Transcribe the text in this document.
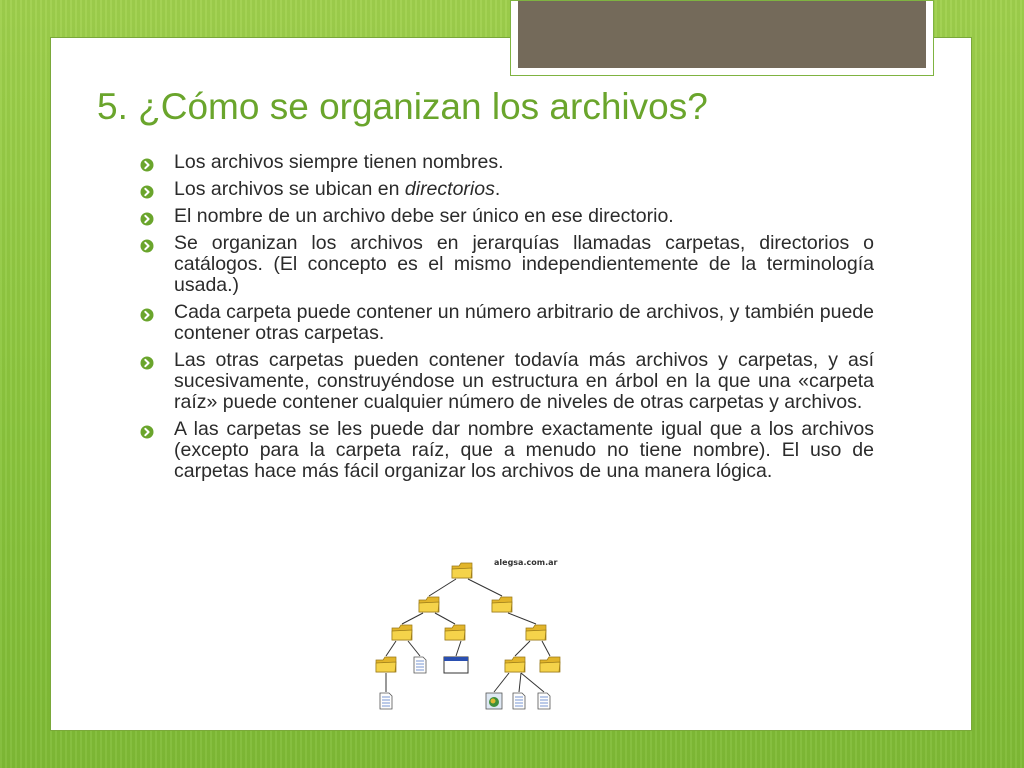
5. ¿Cómo se organizan los archivos?
Los archivos siempre tienen nombres.
Los archivos se ubican en directorios.
El nombre de un archivo debe ser único en ese directorio.
Se organizan los archivos en jerarquías llamadas carpetas, directorios o catálogos. (El concepto es el mismo independientemente de la terminología usada.)
Cada carpeta puede contener un número arbitrario de archivos, y también puede contener otras carpetas.
Las otras carpetas pueden contener todavía más archivos y carpetas, y así sucesivamente, construyéndose un estructura en árbol en la que una «carpeta raíz» puede contener cualquier número de niveles de otras carpetas y archivos.
A las carpetas se les puede dar nombre exactamente igual que a los archivos (excepto para la carpeta raíz, que a menudo no tiene nombre). El uso de carpetas hace más fácil organizar los archivos de una manera lógica.
alegsa.com.ar
